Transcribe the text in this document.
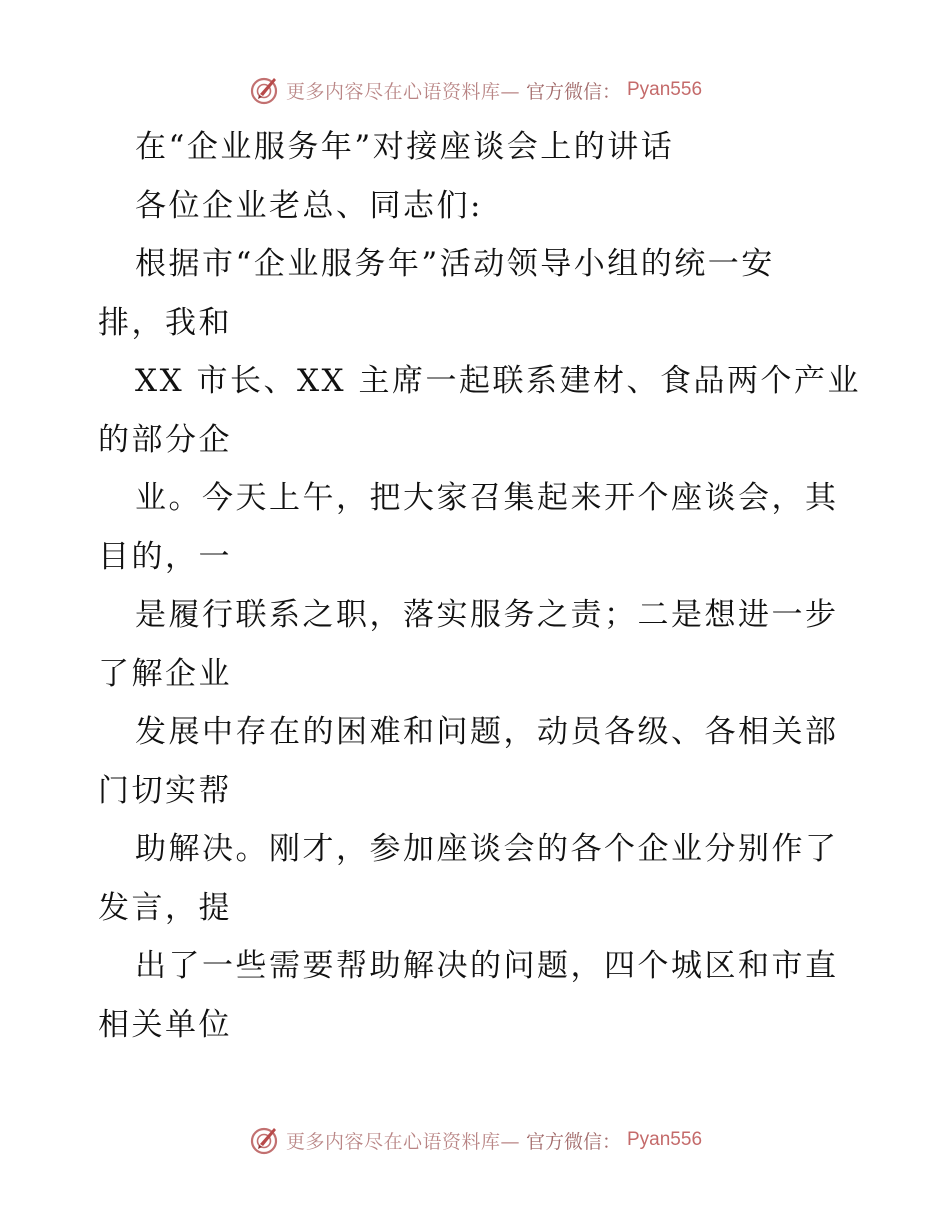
更多内容尽在心语资料库— 官方微信： Pyan556
在“企业服务年”对接座谈会上的讲话
各位企业老总、同志们:
根据市“企业服务年”活动领导小组的统一安
排，我和
XX 市长、XX 主席一起联系建材、食品两个产业
的部分企
业。今天上午，把大家召集起来开个座谈会，其
目的，一
是履行联系之职，落实服务之责；二是想进一步
了解企业
发展中存在的困难和问题，动员各级、各相关部
门切实帮
助解决。刚才，参加座谈会的各个企业分别作了
发言，提
出了一些需要帮助解决的问题，四个城区和市直
相关单位
更多内容尽在心语资料库— 官方微信： Pyan556
